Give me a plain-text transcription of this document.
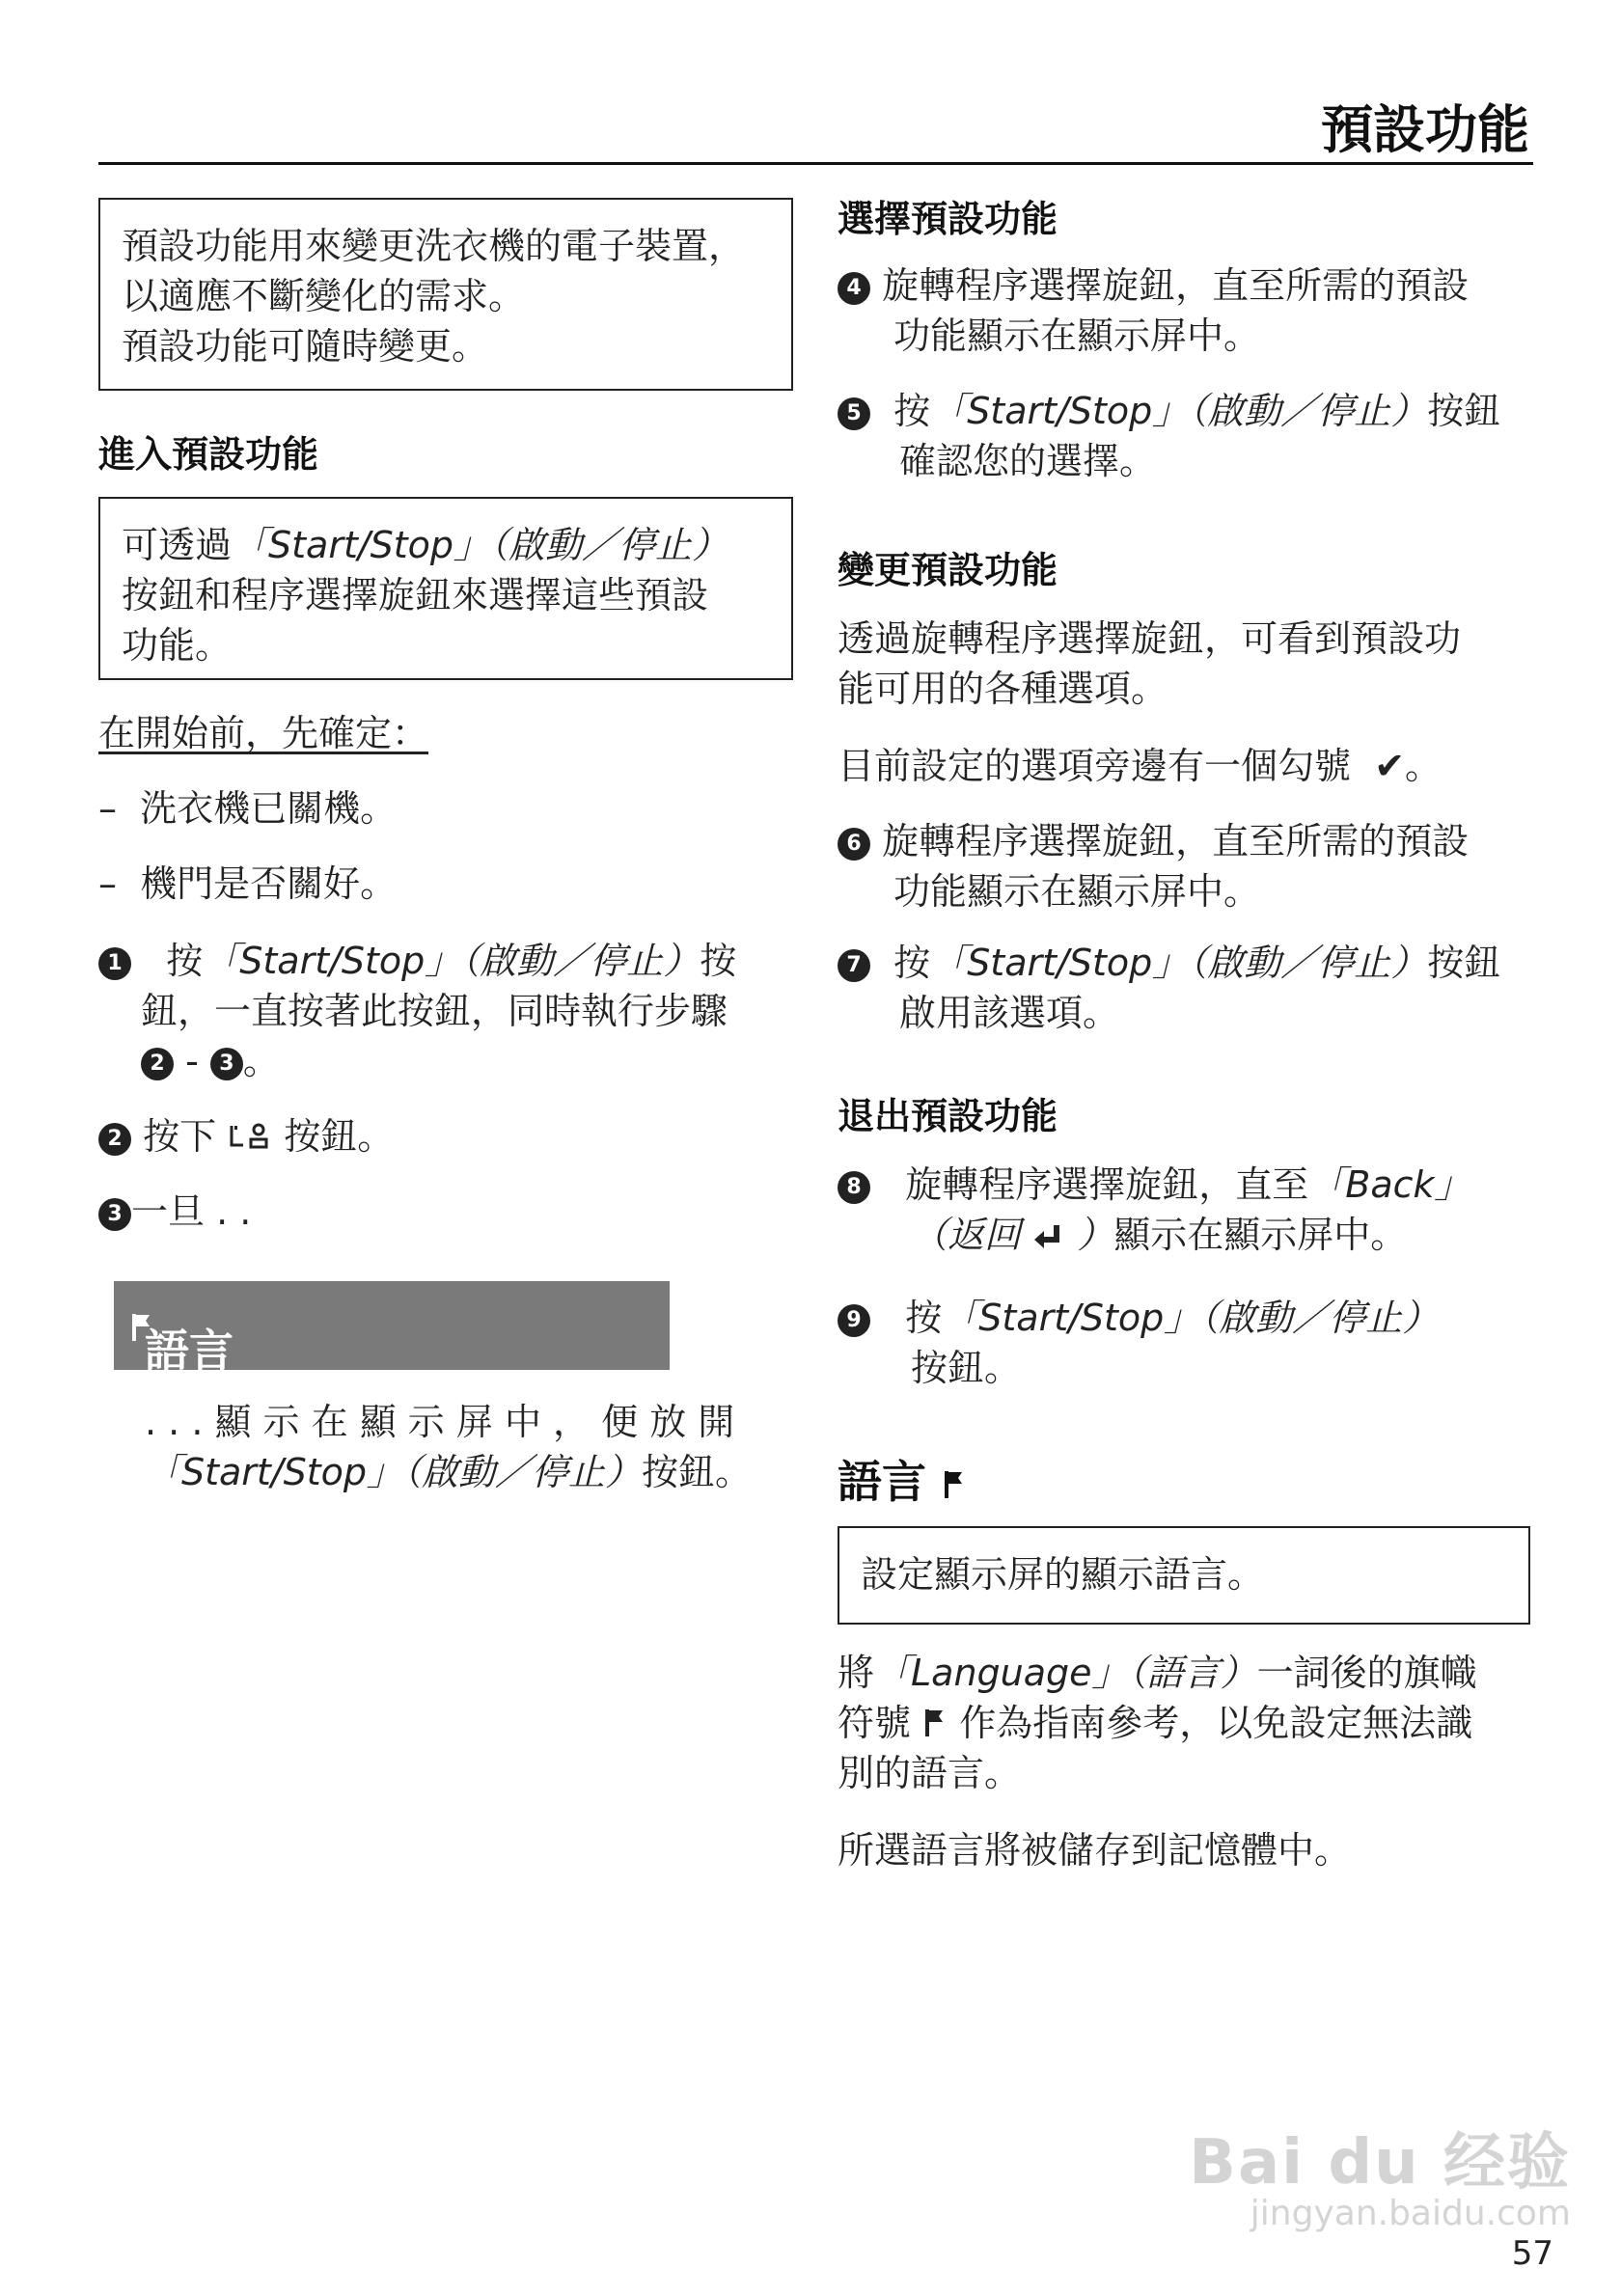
預設功能
預設功能用來變更洗衣機的電子裝置，
以適應不斷變化的需求。
預設功能可隨時變更。
進入預設功能
可透過「Start/Stop」（啟動／停止）
按鈕和程序選擇旋鈕來選擇這些預設
功能。
在開始前，先確定：
– 洗衣機已關機。
– 機門是否關好。
1 按「Start/Stop」（啟動／停止）按
鈕，一直按著此按鈕，同時執行步驟
2 - 3 。
2 按下 按鈕。
3 一旦 . .
語言
. . . 顯 示 在 顯 示 屏 中 ， 便 放 開
「Start/Stop」（啟動／停止）按鈕。
選擇預設功能
4 旋轉程序選擇旋鈕，直至所需的預設
功能顯示在顯示屏中。
5 按「Start/Stop」（啟動／停止）按鈕
確認您的選擇。
變更預設功能
透過旋轉程序選擇旋鈕，可看到預設功
能可用的各種選項。
目前設定的選項旁邊有一個勾號 ✔。
6 旋轉程序選擇旋鈕，直至所需的預設
功能顯示在顯示屏中。
7 按「Start/Stop」（啟動／停止）按鈕
啟用該選項。
退出預設功能
8 旋轉程序選擇旋鈕，直至「Back」
（返回 ）顯示在顯示屏中。
9 按「Start/Stop」（啟動／停止）
按鈕。
語言
設定顯示屏的顯示語言。
將「Language」（語言）一詞後的旗幟
符號 作為指南參考，以免設定無法識
別的語言。
所選語言將被儲存到記憶體中。
Bai du 经验
jingyan.baidu.com
57
